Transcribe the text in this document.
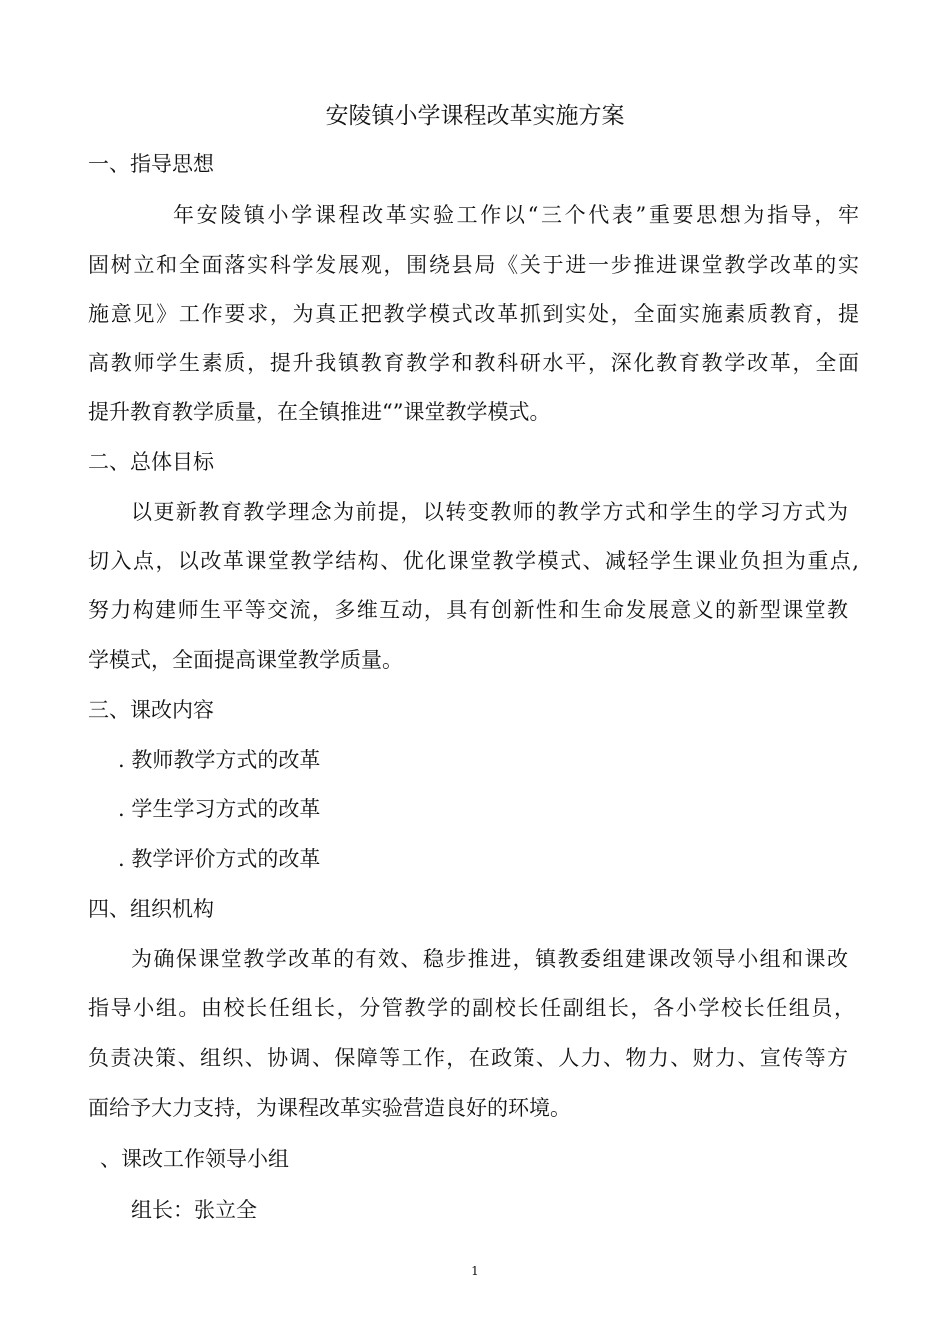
安陵镇小学课程改革实施方案
一、指导思想
年安陵镇小学课程改革实验工作以“三个代表”重要思想为指导，牢
固树立和全面落实科学发展观，围绕县局《关于进一步推进课堂教学改革的实
施意见》工作要求，为真正把教学模式改革抓到实处，全面实施素质教育，提
高教师学生素质，提升我镇教育教学和教科研水平，深化教育教学改革，全面
提升教育教学质量，在全镇推进“”课堂教学模式。
二、总体目标
以更新教育教学理念为前提，以转变教师的教学方式和学生的学习方式为
切入点，以改革课堂教学结构、优化课堂教学模式、减轻学生课业负担为重点,
努力构建师生平等交流，多维互动，具有创新性和生命发展意义的新型课堂教
学模式，全面提高课堂教学质量。
三、课改内容
. 教师教学方式的改革
. 学生学习方式的改革
. 教学评价方式的改革
四、组织机构
为确保课堂教学改革的有效、稳步推进，镇教委组建课改领导小组和课改
指导小组。由校长任组长，分管教学的副校长任副组长，各小学校长任组员，
负责决策、组织、协调、保障等工作，在政策、人力、物力、财力、宣传等方
面给予大力支持，为课程改革实验营造良好的环境。
、课改工作领导小组
组长：张立全
1
